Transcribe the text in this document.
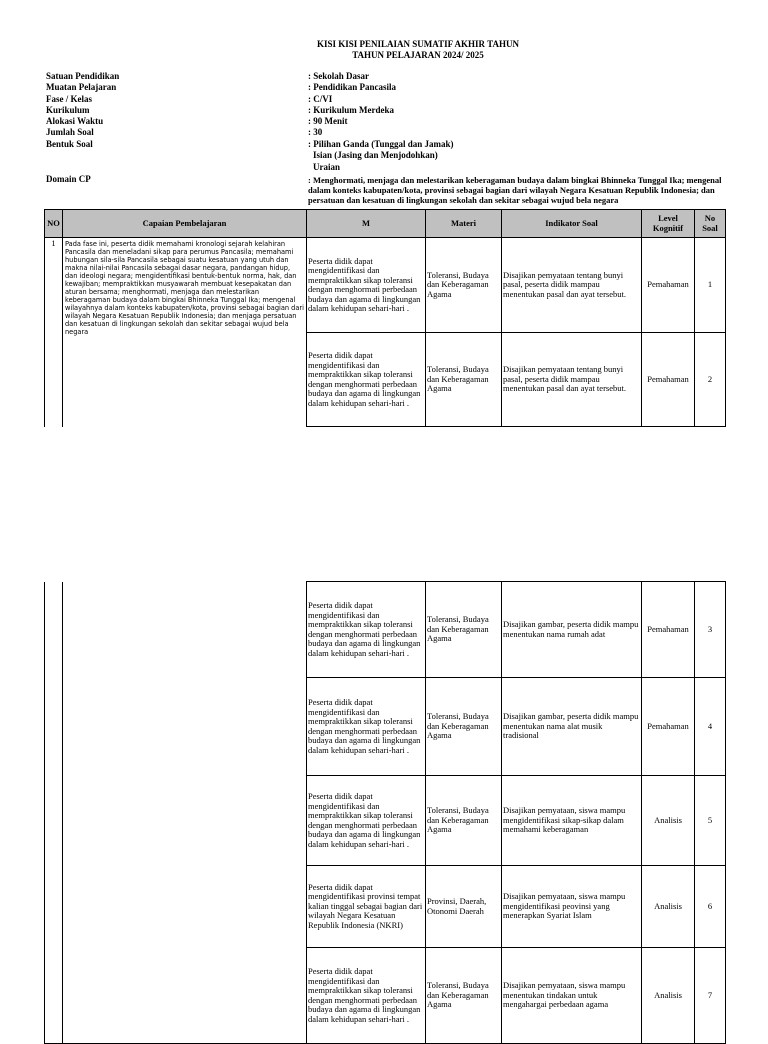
KISI KISI PENILAIAN SUMATIF AKHIR TAHUN
TAHUN PELAJARAN 2024/ 2025
Satuan Pendidikan	: Sekolah Dasar
Muatan Pelajaran	: Pendidikan Pancasila
Fase / Kelas	: C/VI
Kurikulum	: Kurikulum Merdeka
Alokasi Waktu	: 90 Menit
Jumlah Soal	: 30
Bentuk Soal	: Pilihan Ganda (Tunggal dan Jamak)
Isian (Jasing dan Menjodohkan)
Uraian
Domain CP	: Menghormati, menjaga dan melestarikan keberagaman budaya dalam bingkai Bhinneka Tunggal Ika; mengenal
dalam konteks kabupaten/kota, provinsi sebagai bagian dari wilayah Negara Kesatuan Republik Indonesia; dan
persatuan dan kesatuan di lingkungan sekolah dan sekitar sebagai wujud bela negara
NO	Capaian Pembelajaran	M	Materi	Indikator Soal	Level Kognitif	No Soal
1	Pada fase ini, peserta didik memahami kronologi sejarah kelahiran Pancasila dan meneladani sikap para perumus Pancasila; memahami hubungan sila-sila Pancasila sebagai suatu kesatuan yang utuh dan makna nilai-nilai Pancasila sebagai dasar negara, pandangan hidup, dan ideologi negara; mengidentifikasi bentuk-bentuk norma, hak, dan kewajiban; mempraktikkan musyawarah membuat kesepakatan dan aturan bersama; menghormati, menjaga dan melestarikan keberagaman budaya dalam bingkai Bhinneka Tunggal Ika; mengenal wilayahnya dalam konteks kabupaten/kota, provinsi sebagai bagian dari wilayah Negara Kesatuan Republik Indonesia; dan menjaga persatuan dan kesatuan di lingkungan sekolah dan sekitar sebagai wujud bela negara	Peserta didik dapat mengidentifikasi dan mempraktikkan sikap toleransi dengan menghormati perbedaan budaya dan agama di lingkungan dalam kehidupan sehari-hari .	Toleransi, Budaya dan Keberagaman Agama	Disajikan pemyataan tentang bunyi pasal, peserta didik mampau menentukan pasal dan ayat tersebut.	Pemahaman	1
		Peserta didik dapat mengidentifikasi dan mempraktikkan sikap toleransi dengan menghormati perbedaan budaya dan agama di lingkungan dalam kehidupan sehari-hari .	Toleransi, Budaya dan Keberagaman Agama	Disajikan pemyataan tentang bunyi pasal, peserta didik mampau menentukan pasal dan ayat tersebut.	Pemahaman	2
		Peserta didik dapat mengidentifikasi dan mempraktikkan sikap toleransi dengan menghormati perbedaan budaya dan agama di lingkungan dalam kehidupan sehari-hari .	Toleransi, Budaya dan Keberagaman Agama	Disajikan gambar, peserta didik mampu menentukan nama rumah adat	Pemahaman	3
		Peserta didik dapat mengidentifikasi dan mempraktikkan sikap toleransi dengan menghormati perbedaan budaya dan agama di lingkungan dalam kehidupan sehari-hari .	Toleransi, Budaya dan Keberagaman Agama	Disajikan gambar, peserta didik mampu menentukan nama alat musik tradisional	Pemahaman	4
		Peserta didik dapat mengidentifikasi dan mempraktikkan sikap toleransi dengan menghormati perbedaan budaya dan agama di lingkungan dalam kehidupan sehari-hari .	Toleransi, Budaya dan Keberagaman Agama	Disajikan pemyataan, siswa mampu mengidentifikasi sikap-sikap dalam memahami keberagaman	Analisis	5
		Peserta didik dapat mengidentifikasi provinsi tempat kalian tinggal sebagai bagian dari wilayah Negara Kesatuan Republik Indonesia (NKRI)	Provinsi, Daerah, Otonomi Daerah	Disajikan pemyataan, siswa mampu mengidentifikasi peovinsi yang menerapkan Syariat Islam	Analisis	6
		Peserta didik dapat mengidentifikasi dan mempraktikkan sikap toleransi dengan menghormati perbedaan budaya dan agama di lingkungan dalam kehidupan sehari-hari .	Toleransi, Budaya dan Keberagaman Agama	Disajikan pemyataan, siswa mampu menentukan tindakan untuk mengahargai perbedaan agama	Analisis	7
